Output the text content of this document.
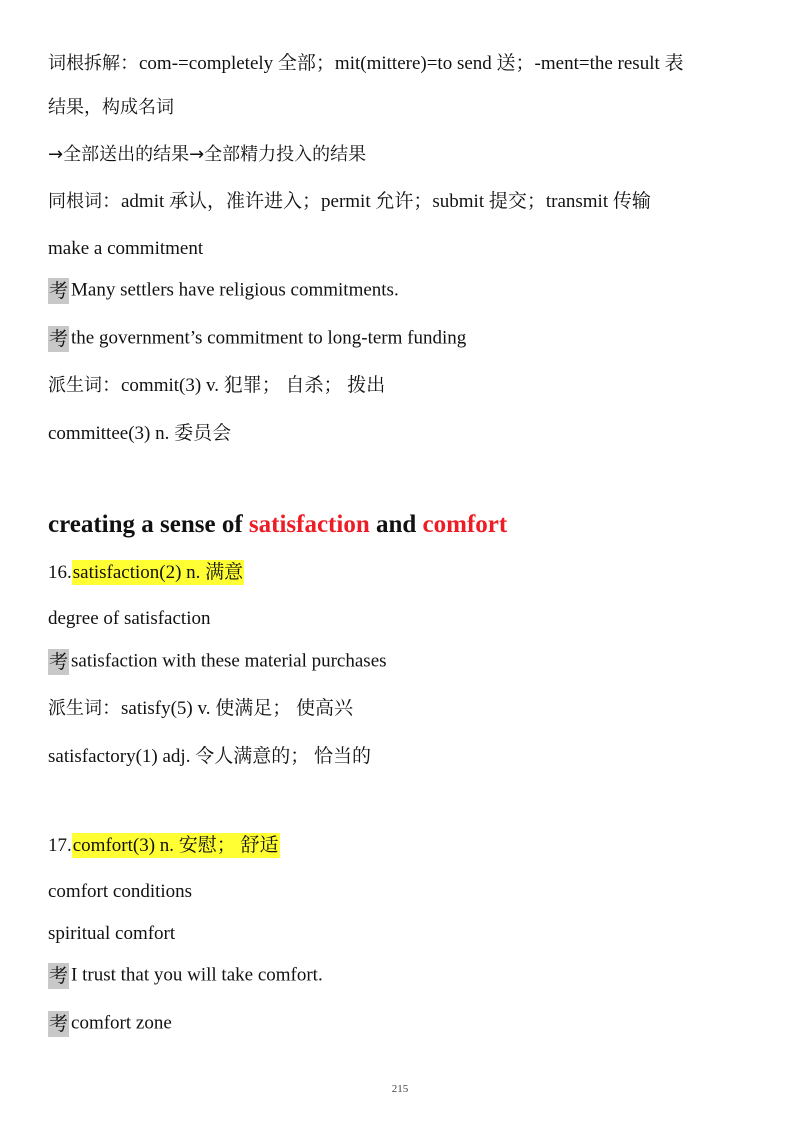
词根拆解：com-=completely 全部；mit(mittere)=to send 送；-ment=the result 表
结果，构成名词
→全部送出的结果→全部精力投入的结果
同根词：admit 承认，准许进入；permit 允许；submit 提交；transmit 传输
make a commitment
考 Many settlers have religious commitments.
考 the government’s commitment to long-term funding
派生词：commit(3) v. 犯罪； 自杀； 拨出
committee(3) n. 委员会
creating a sense of satisfaction and comfort
16.satisfaction(2) n. 满意
degree of satisfaction
考 satisfaction with these material purchases
派生词：satisfy(5) v. 使满足； 使高兴
satisfactory(1) adj. 令人满意的； 恰当的
17.comfort(3) n. 安慰； 舒适
comfort conditions
spiritual comfort
考 I trust that you will take comfort.
考 comfort zone
215
